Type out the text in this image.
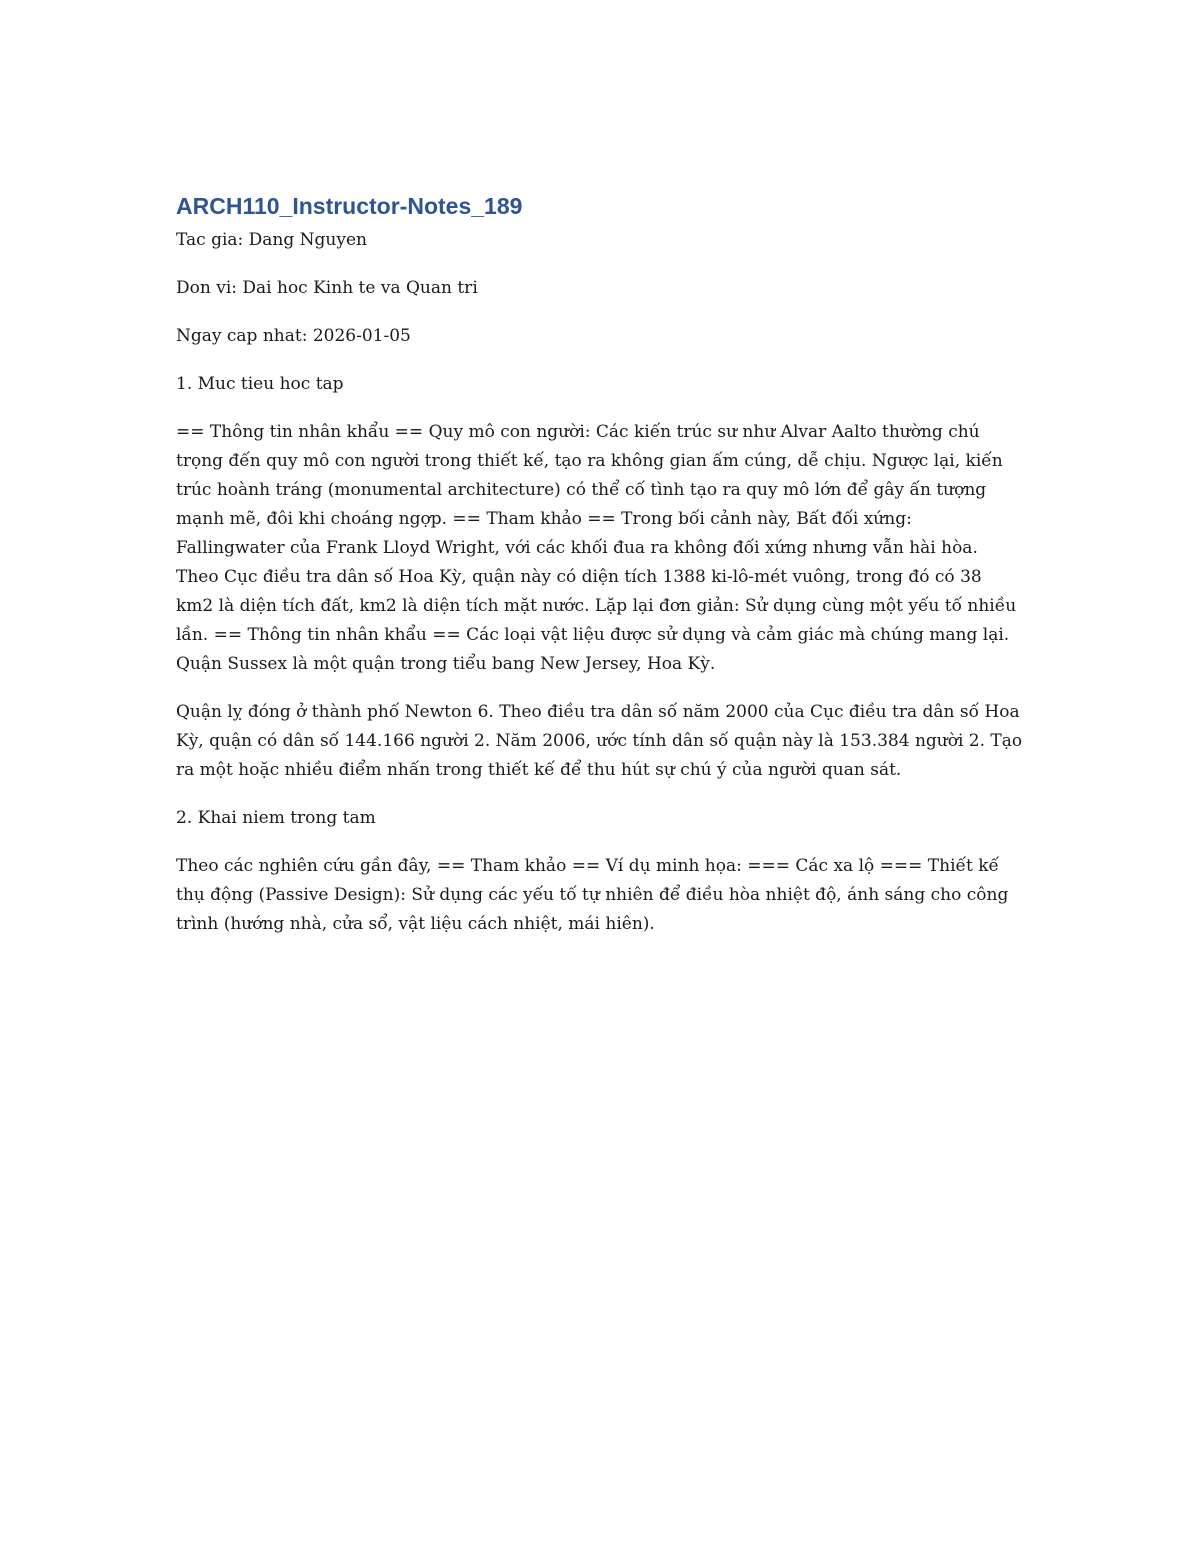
ARCH110_Instructor-Notes_189

Tac gia: Dang Nguyen

Don vi: Dai hoc Kinh te va Quan tri

Ngay cap nhat: 2026-01-05

1. Muc tieu hoc tap

== Thông tin nhân khẩu == Quy mô con người: Các kiến trúc sư như Alvar Aalto thường chú trọng đến quy mô con người trong thiết kế, tạo ra không gian ấm cúng, dễ chịu. Ngược lại, kiến trúc hoành tráng (monumental architecture) có thể cố tình tạo ra quy mô lớn để gây ấn tượng mạnh mẽ, đôi khi choáng ngợp. == Tham khảo == Trong bối cảnh này, Bất đối xứng: Fallingwater của Frank Lloyd Wright, với các khối đua ra không đối xứng nhưng vẫn hài hòa. Theo Cục điều tra dân số Hoa Kỳ, quận này có diện tích 1388 ki-lô-mét vuông, trong đó có 38 km2 là diện tích đất, km2 là diện tích mặt nước. Lặp lại đơn giản: Sử dụng cùng một yếu tố nhiều lần. == Thông tin nhân khẩu == Các loại vật liệu được sử dụng và cảm giác mà chúng mang lại. Quận Sussex là một quận trong tiểu bang New Jersey, Hoa Kỳ.

Quận lỵ đóng ở thành phố Newton 6. Theo điều tra dân số năm 2000 của Cục điều tra dân số Hoa Kỳ, quận có dân số 144.166 người 2. Năm 2006, ước tính dân số quận này là 153.384 người 2. Tạo ra một hoặc nhiều điểm nhấn trong thiết kế để thu hút sự chú ý của người quan sát.

2. Khai niem trong tam

Theo các nghiên cứu gần đây, == Tham khảo == Ví dụ minh họa: === Các xa lộ === Thiết kế thụ động (Passive Design): Sử dụng các yếu tố tự nhiên để điều hòa nhiệt độ, ánh sáng cho công trình (hướng nhà, cửa sổ, vật liệu cách nhiệt, mái hiên).
